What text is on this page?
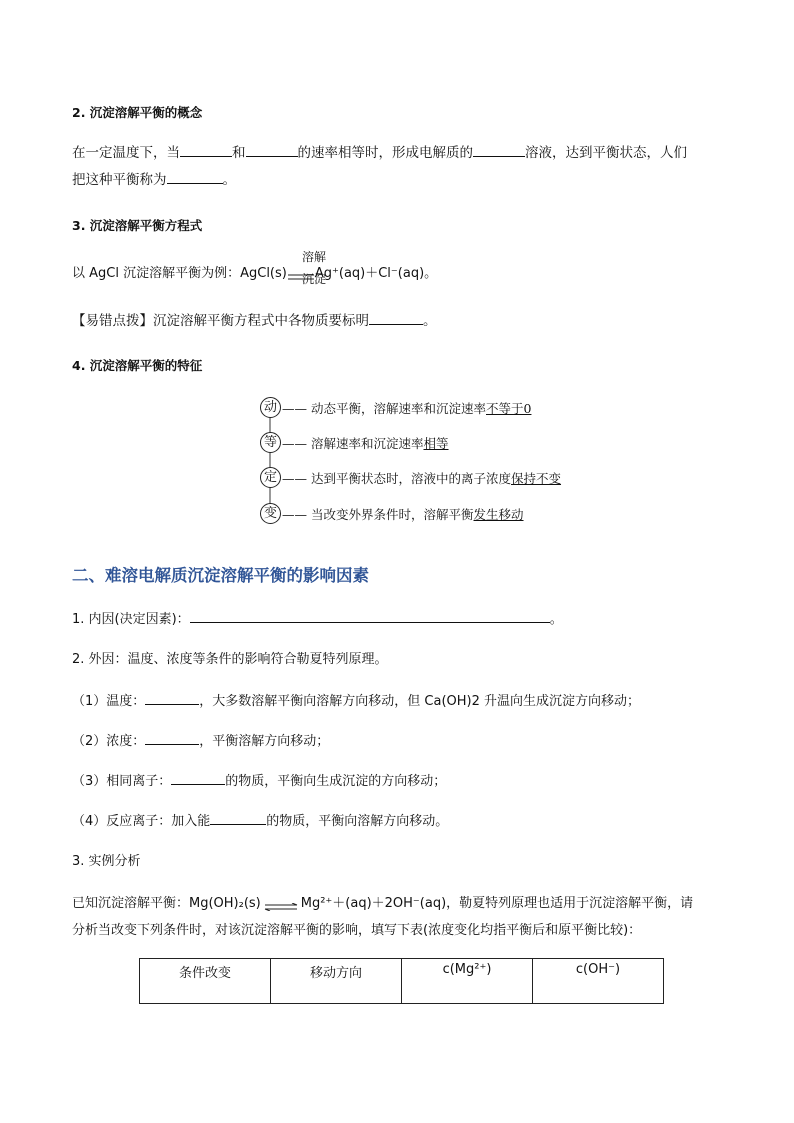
2. 沉淀溶解平衡的概念
在一定温度下，当	和	的速率相等时，形成电解质的	溶液，达到平衡状态，人们
把这种平衡称为	。
3. 沉淀溶解平衡方程式
以 AgCl 沉淀溶解平衡为例：AgCl(s) Ag⁺(aq)＋Cl⁻(aq)。
溶解
沉淀
【易错点拨】沉淀溶解平衡方程式中各物质要标明	。
4. 沉淀溶解平衡的特征
动 —— 动态平衡，溶解速率和沉淀速率不等于0
等 —— 溶解速率和沉淀速率相等
定 —— 达到平衡状态时，溶液中的离子浓度保持不变
变 —— 当改变外界条件时，溶解平衡发生移动
二、难溶电解质沉淀溶解平衡的影响因素
1. 内因(决定因素)：	。
2. 外因：温度、浓度等条件的影响符合勒夏特列原理。
（1）温度：	，大多数溶解平衡向溶解方向移动，但 Ca(OH)2 升温向生成沉淀方向移动；
（2）浓度：	，平衡溶解方向移动；
（3）相同离子：	的物质，平衡向生成沉淀的方向移动；
（4）反应离子：加入能	的物质，平衡向溶解方向移动。
3. 实例分析
已知沉淀溶解平衡：Mg(OH)₂(s) ⇌ Mg²⁺＋(aq)＋2OH⁻(aq)，勒夏特列原理也适用于沉淀溶解平衡，请
分析当改变下列条件时，对该沉淀溶解平衡的影响，填写下表(浓度变化均指平衡后和原平衡比较)：
条件改变	移动方向	c(Mg²⁺)	c(OH⁻)
